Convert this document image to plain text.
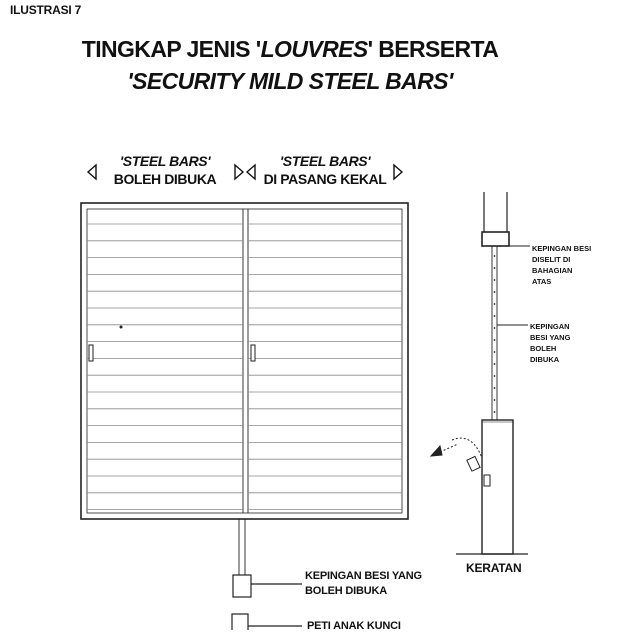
ILUSTRASI 7
TINGKAP JENIS 'LOUVRES' BERSERTA
'SECURITY MILD STEEL BARS'
'STEEL BARS'
BOLEH DIBUKA
'STEEL BARS'
DI PASANG KEKAL
KEPINGAN BESI
DISELIT DI
BAHAGIAN
ATAS
KEPINGAN
BESI YANG
BOLEH
DIBUKA
KERATAN
KEPINGAN BESI YANG
BOLEH DIBUKA
PETI ANAK KUNCI
